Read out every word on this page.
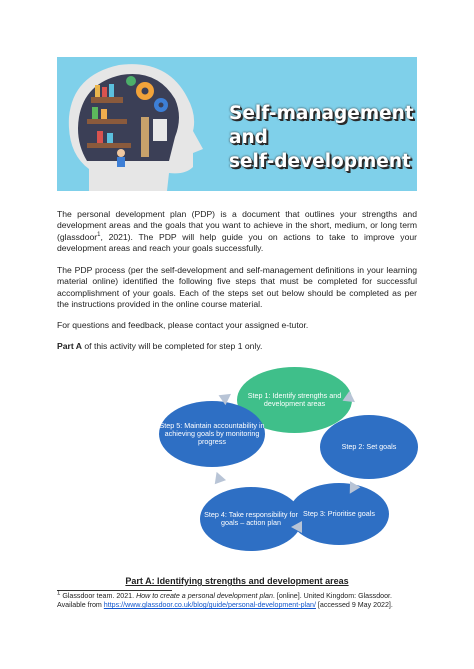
Self-management and
self-development

The personal development plan (PDP) is a document that outlines your strengths and development areas and the goals that you want to achieve in the short, medium, or long term (glassdoor$^1$, 2021). The PDP will help guide you on actions to take to improve your development areas and reach your goals successfully.

The PDP process (per the self-development and self-management definitions in your learning material online) identified the following five steps that must be completed for successful accomplishment of your goals. Each of the steps set out below should be completed as per the instructions provided in the online course material.

For questions and feedback, please contact your assigned e-tutor.

Part A of this activity will be completed for step 1 only.

Step 1: Identify strengths and development areas
Step 2: Set goals
Step 3: Prioritise goals
Step 4: Take responsibility for goals – action plan
Step 5: Maintain accountability in achieving goals by monitoring progress
Part A: Identifying strengths and development areas
$^1$ Glassdoor team. 2021. How to create a personal development plan. [online]. United Kingdom: Glassdoor. Available from https://www.glassdoor.co.uk/blog/guide/personal-development-plan/ [accessed 9 May 2022].
